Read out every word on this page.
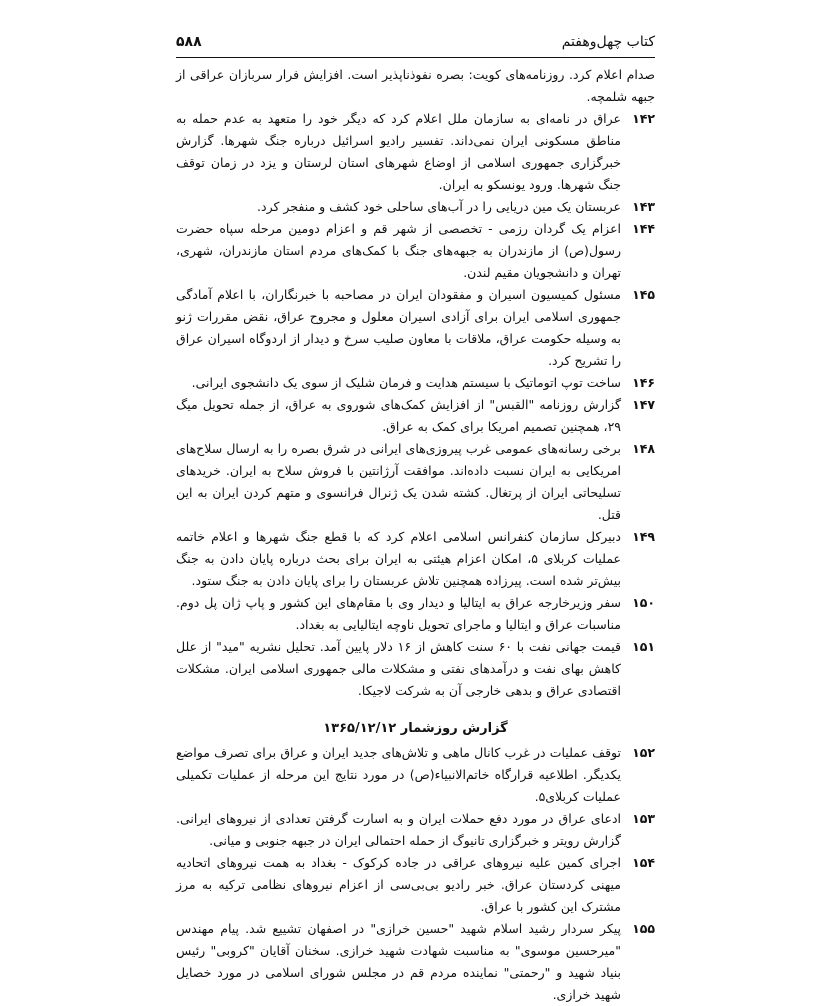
کتاب چهل‌وهفتم
۵۸۸
صدام اعلام کرد. روزنامه‌های کویت: بصره نفوذناپذیر است. افزایش فرار سربازان عراقی از جبهه شلمچه.
۱۴۲
عراق در نامه‌ای به سازمان ملل اعلام کرد که دیگر خود را متعهد به عدم حمله به مناطق مسکونی ایران نمی‌داند. تفسیر رادیو اسرائیل درباره جنگ شهرها. گزارش خبرگزاری جمهوری اسلامی از اوضاع شهرهای استان لرستان و یزد در زمان توقف جنگ شهرها. ورود یونسکو به ایران.
۱۴۳
عربستان یک مین دریایی را در آب‌های ساحلی خود کشف و منفجر کرد.
۱۴۴
اعزام یک گردان رزمی - تخصصی از شهر قم و اعزام دومین مرحله سپاه حضرت رسول(ص) از مازندران به جبهه‌های جنگ با کمک‌های مردم استان مازندران، شهری، تهران و دانشجویان مقیم لندن.
۱۴۵
مسئول کمیسیون اسیران و مفقودان ایران در مصاحبه با خبرنگاران، با اعلام آمادگی جمهوری اسلامی ایران برای آزادی اسیران معلول و مجروح عراق، نقض مقررات ژنو به وسیله حکومت عراق، ملاقات با معاون صلیب سرخ و دیدار از اردوگاه اسیران عراق را تشریح کرد.
۱۴۶
ساخت توپ اتوماتیک با سیستم هدایت و فرمان شلیک از سوی یک دانشجوی ایرانی.
۱۴۷
گزارش روزنامه "القبس" از افزایش کمک‌های شوروی به عراق، از جمله تحویل میگ ۲۹، همچنین تصمیم امریکا برای کمک به عراق.
۱۴۸
برخی رسانه‌های عمومی غرب پیروزی‌های ایرانی در شرق بصره را به ارسال سلاح‌های امریکایی به ایران نسبت داده‌اند. موافقت آرژانتین با فروش سلاح به ایران. خریدهای تسلیحاتی ایران از پرتغال. کشته شدن یک ژنرال فرانسوی و متهم کردن ایران به این قتل.
۱۴۹
دبیرکل سازمان کنفرانس اسلامی اعلام کرد که با قطع جنگ شهرها و اعلام خاتمه عملیات کربلای ۵، امکان اعزام هیئتی به ایران برای بحث درباره پایان دادن به جنگ بیش‌تر شده است. پیرزاده همچنین تلاش عربستان را برای پایان دادن به جنگ ستود.
۱۵۰
سفر وزیرخارجه عراق به ایتالیا و دیدار وی با مقام‌های این کشور و پاپ ژان پل دوم. مناسبات عراق و ایتالیا و ماجرای تحویل ناوچه ایتالیایی به بغداد.
۱۵۱
قیمت جهانی نفت با ۶۰ سنت کاهش از ۱۶ دلار پایین آمد. تحلیل نشریه "مید" از علل کاهش بهای نفت و درآمدهای نفتی و مشکلات مالی جمهوری اسلامی ایران. مشکلات اقتصادی عراق و بدهی خارجی آن به شرکت لاجیکا.
گزارش روزشمار ۱۳۶۵/۱۲/۱۲
۱۵۲
توقف عملیات در غرب کانال ماهی و تلاش‌های جدید ایران و عراق برای تصرف مواضع یکدیگر. اطلاعیه قرارگاه خاتم‌الانبیاء(ص) در مورد نتایج این مرحله از عملیات تکمیلی عملیات کربلای۵.
۱۵۳
ادعای عراق در مورد دفع حملات ایران و به اسارت گرفتن تعدادی از نیروهای ایرانی. گزارش رویتر و خبرگزاری تانیوگ از حمله احتمالی ایران در جبهه جنوبی و میانی.
۱۵۴
اجرای کمین علیه نیروهای عراقی در جاده کرکوک - بغداد به همت نیروهای اتحادیه میهنی کردستان عراق. خبر رادیو بی‌بی‌سی از اعزام نیروهای نظامی ترکیه به مرز مشترک این کشور با عراق.
۱۵۵
پیکر سردار رشید اسلام شهید "حسین خرازی" در اصفهان تشییع شد. پیام مهندس "میرحسین موسوی" به مناسبت شهادت شهید خرازی. سخنان آقایان "کروبی" رئیس بنیاد شهید و "رحمتی" نماینده مردم قم در مجلس شورای اسلامی در مورد خصایل شهید خرازی.
